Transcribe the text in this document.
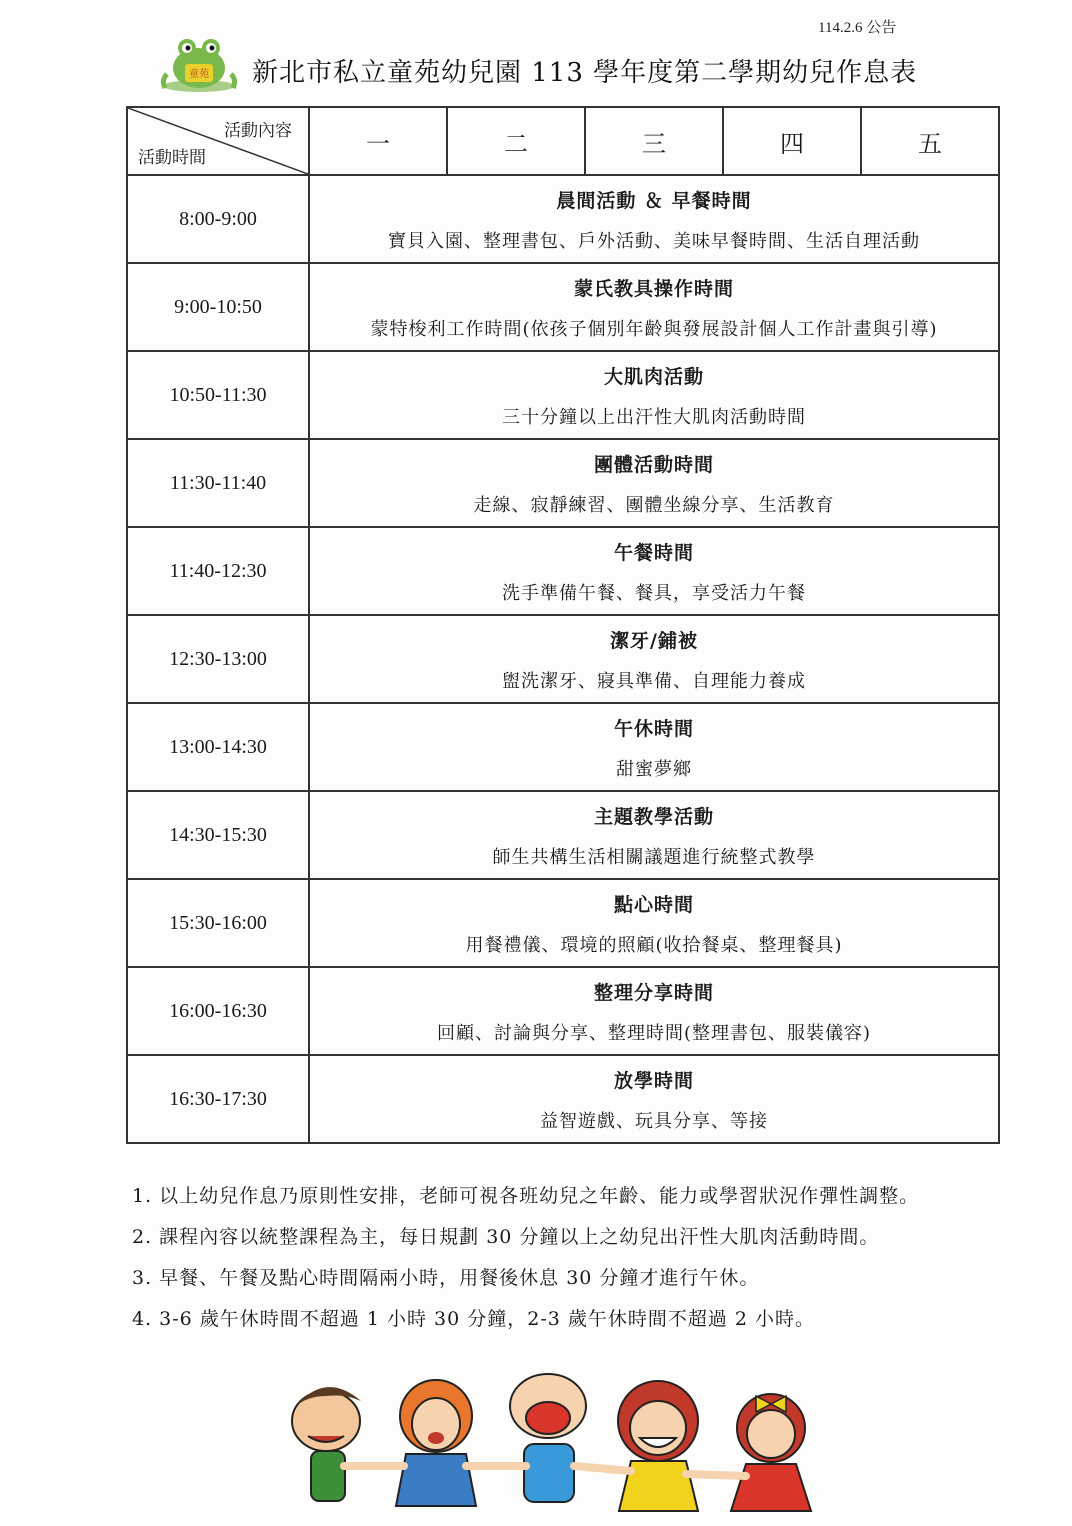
114.2.6 公告
童苑 新北市私立童苑幼兒園 113 學年度第二學期幼兒作息表
活動內容
活動時間	一	二	三	四	五
8:00-9:00	晨間活動 ＆ 早餐時間
寶貝入園、整理書包、戶外活動、美味早餐時間、生活自理活動				

9:00-10:50	蒙氏教具操作時間
蒙特梭利工作時間(依孩子個別年齡與發展設計個人工作計畫與引導)				

10:50-11:30	大肌肉活動
三十分鐘以上出汗性大肌肉活動時間				

11:30-11:40	團體活動時間
走線、寂靜練習、團體坐線分享、生活教育				

11:40-12:30	午餐時間
洗手準備午餐、餐具，享受活力午餐				

12:30-13:00	潔牙/鋪被
盥洗潔牙、寢具準備、自理能力養成				

13:00-14:30	午休時間
甜蜜夢鄉				

14:30-15:30	主題教學活動
師生共構生活相關議題進行統整式教學				

15:30-16:00	點心時間
用餐禮儀、環境的照顧(收拾餐桌、整理餐具)				

16:00-16:30	整理分享時間
回顧、討論與分享、整理時間(整理書包、服裝儀容)				

16:30-17:30	放學時間
益智遊戲、玩具分享、等接				
1. 以上幼兒作息乃原則性安排，老師可視各班幼兒之年齡、能力或學習狀況作彈性調整。
2. 課程內容以統整課程為主，每日規劃 30 分鐘以上之幼兒出汗性大肌肉活動時間。
3. 早餐、午餐及點心時間隔兩小時，用餐後休息 30 分鐘才進行午休。
4. 3-6 歲午休時間不超過 1 小時 30 分鐘，2-3 歲午休時間不超過 2 小時。
